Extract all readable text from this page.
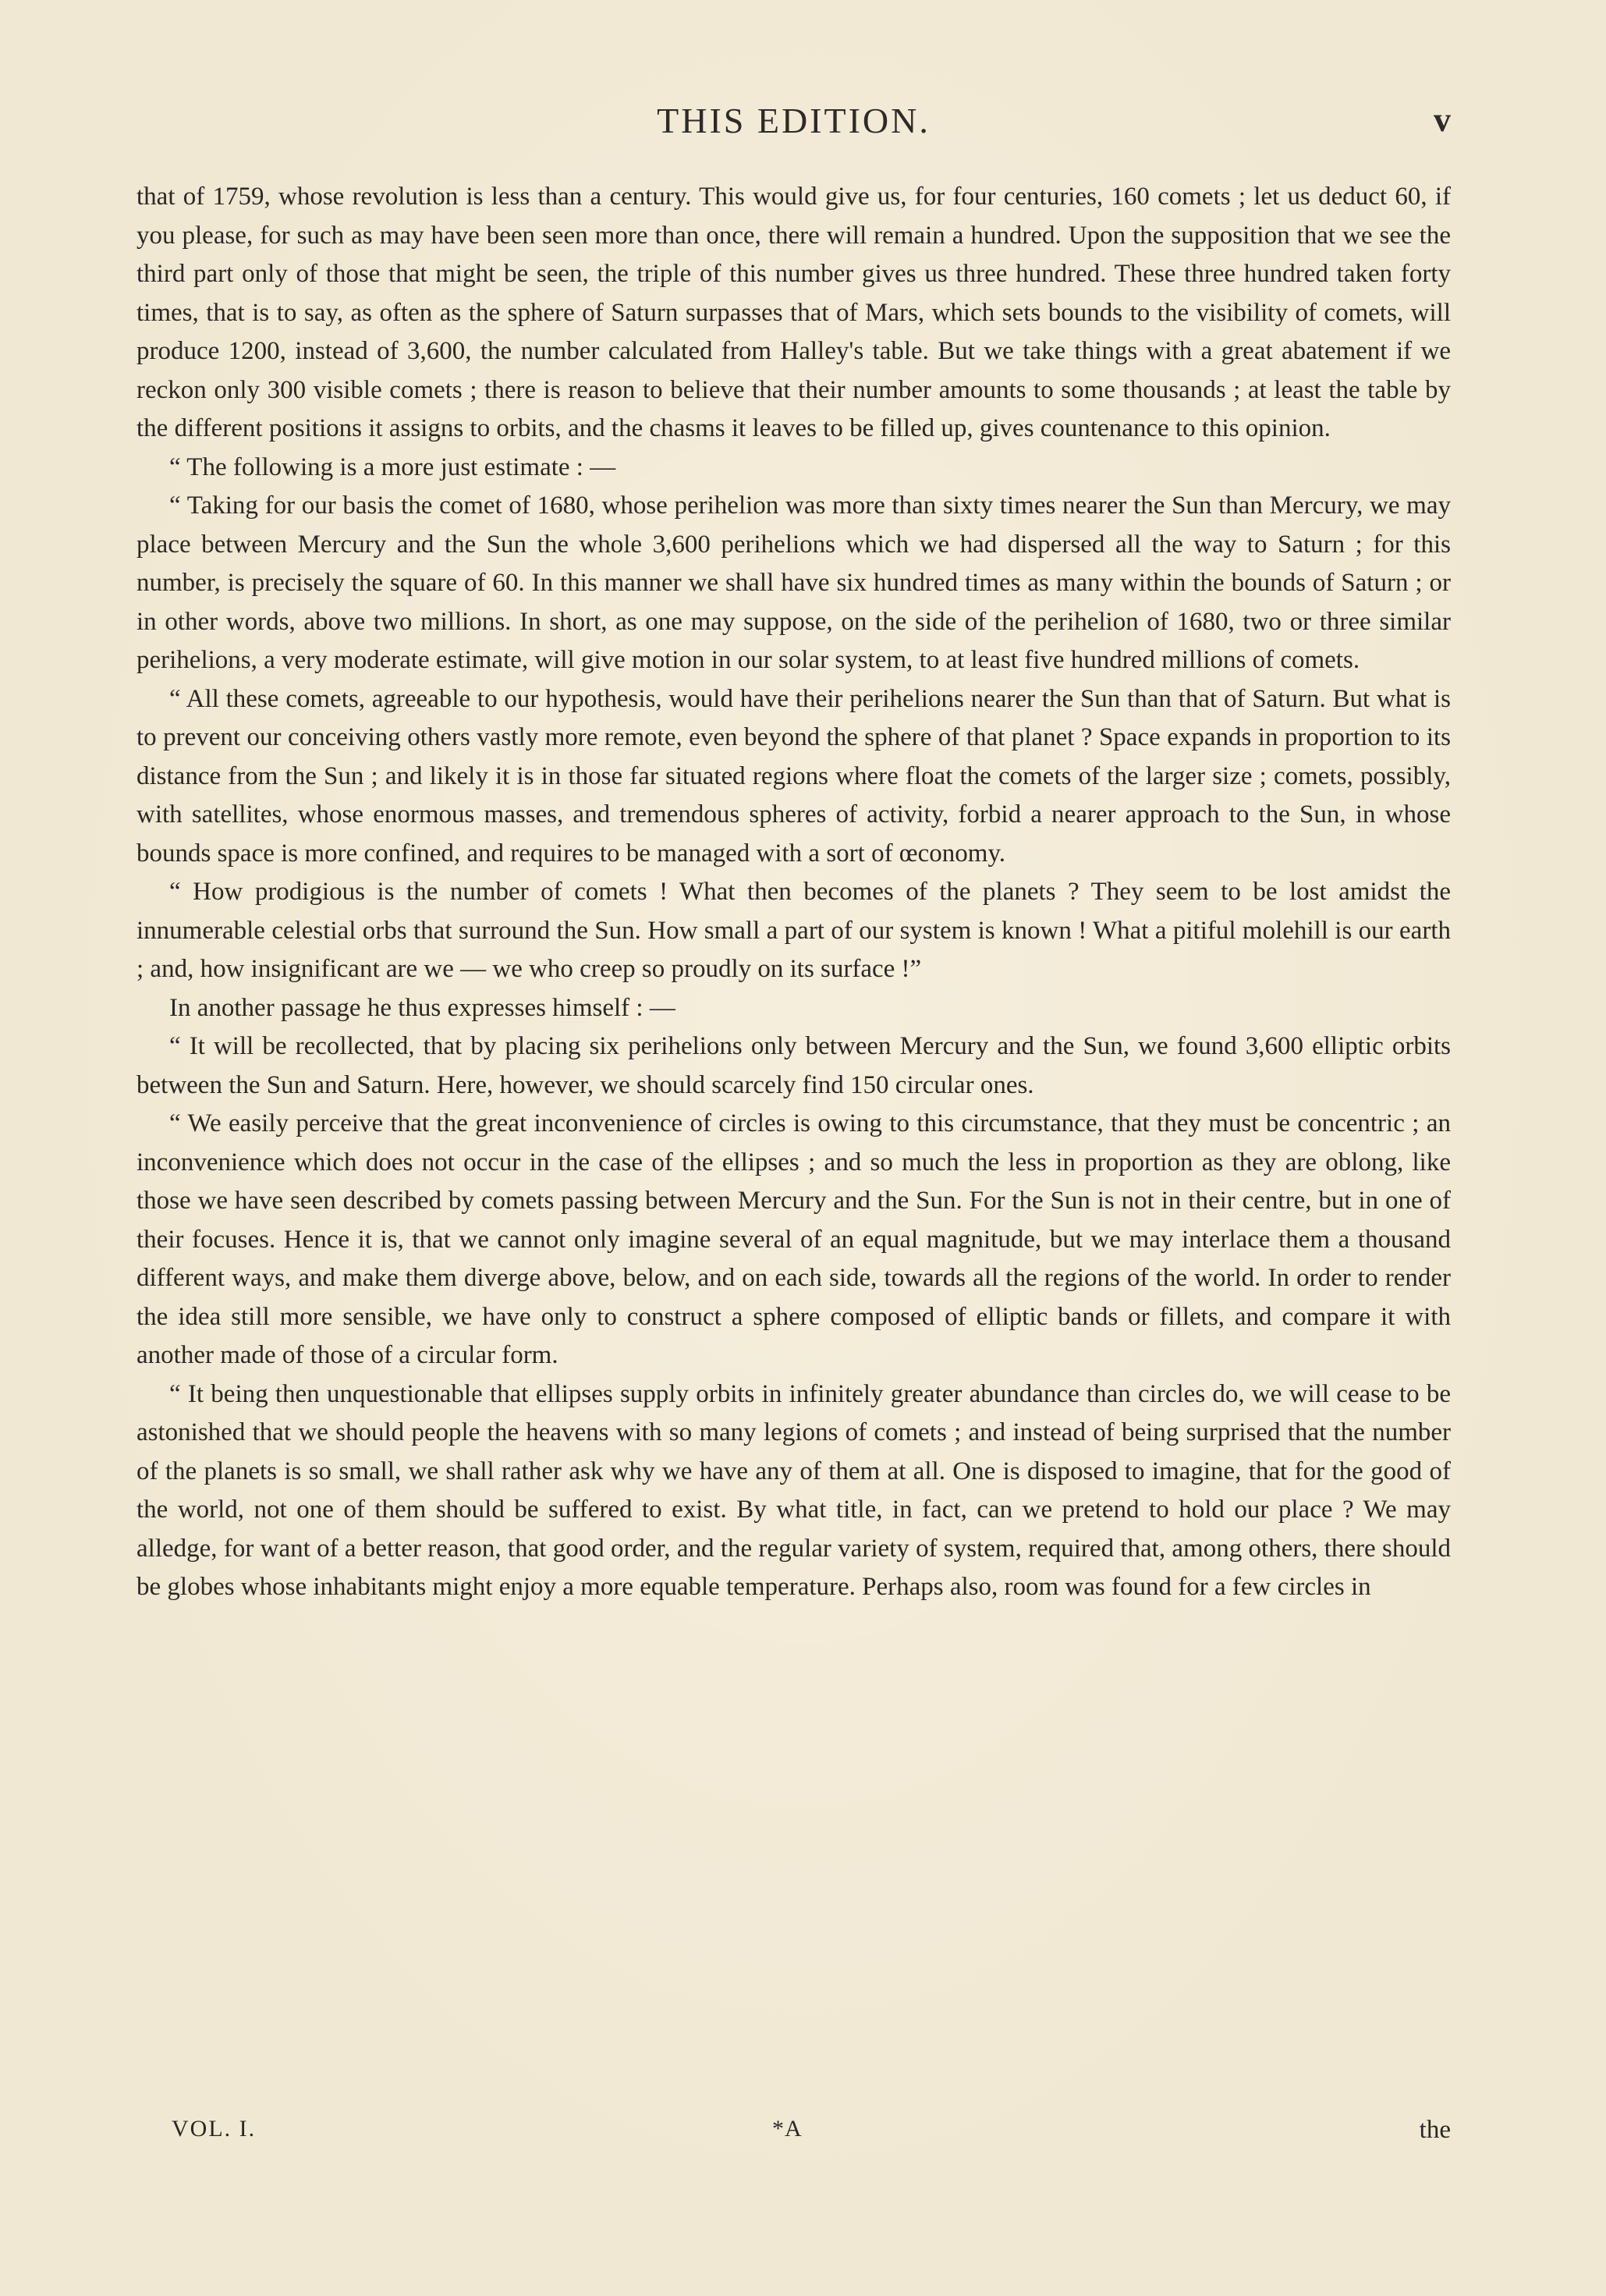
THIS EDITION.	v

that of 1759, whose revolution is less than a century. This would give us, for four centuries, 160 comets ; let us deduct 60, if you please, for such as may have been seen more than once, there will remain a hundred. Upon the supposition that we see the third part only of those that might be seen, the triple of this number gives us three hundred. These three hundred taken forty times, that is to say, as often as the sphere of Saturn surpasses that of Mars, which sets bounds to the visibility of comets, will produce 1200, instead of 3,600, the number calculated from Halley's table. But we take things with a great abatement if we reckon only 300 visible comets ; there is reason to believe that their number amounts to some thousands ; at least the table by the different positions it assigns to orbits, and the chasms it leaves to be filled up, gives countenance to this opinion.

“ The following is a more just estimate : —

“ Taking for our basis the comet of 1680, whose perihelion was more than sixty times nearer the Sun than Mercury, we may place between Mercury and the Sun the whole 3,600 perihelions which we had dispersed all the way to Saturn ; for this number, is precisely the square of 60. In this manner we shall have six hundred times as many within the bounds of Saturn ; or in other words, above two millions. In short, as one may suppose, on the side of the perihelion of 1680, two or three similar perihelions, a very moderate estimate, will give motion in our solar system, to at least five hundred millions of comets.

“ All these comets, agreeable to our hypothesis, would have their perihelions nearer the Sun than that of Saturn. But what is to prevent our conceiving others vastly more remote, even beyond the sphere of that planet ? Space expands in proportion to its distance from the Sun ; and likely it is in those far situated regions where float the comets of the larger size ; comets, possibly, with satellites, whose enormous masses, and tremendous spheres of activity, forbid a nearer approach to the Sun, in whose bounds space is more confined, and requires to be managed with a sort of œconomy.

“ How prodigious is the number of comets ! What then becomes of the planets ? They seem to be lost amidst the innumerable celestial orbs that surround the Sun. How small a part of our system is known ! What a pitiful molehill is our earth ; and, how insignificant are we — we who creep so proudly on its surface !”

In another passage he thus expresses himself : —

“ It will be recollected, that by placing six perihelions only between Mercury and the Sun, we found 3,600 elliptic orbits between the Sun and Saturn. Here, however, we should scarcely find 150 circular ones.

“ We easily perceive that the great inconvenience of circles is owing to this circumstance, that they must be concentric ; an inconvenience which does not occur in the case of the ellipses ; and so much the less in proportion as they are oblong, like those we have seen described by comets passing between Mercury and the Sun. For the Sun is not in their centre, but in one of their focuses. Hence it is, that we cannot only imagine several of an equal magnitude, but we may interlace them a thousand different ways, and make them diverge above, below, and on each side, towards all the regions of the world. In order to render the idea still more sensible, we have only to construct a sphere composed of elliptic bands or fillets, and compare it with another made of those of a circular form.

“ It being then unquestionable that ellipses supply orbits in infinitely greater abundance than circles do, we will cease to be astonished that we should people the heavens with so many legions of comets ; and instead of being surprised that the number of the planets is so small, we shall rather ask why we have any of them at all. One is disposed to imagine, that for the good of the world, not one of them should be suffered to exist. By what title, in fact, can we pretend to hold our place ? We may alledge, for want of a better reason, that good order, and the regular variety of system, required that, among others, there should be globes whose inhabitants might enjoy a more equable temperature. Perhaps also, room was found for a few circles in

VOL. I.	*A	the
